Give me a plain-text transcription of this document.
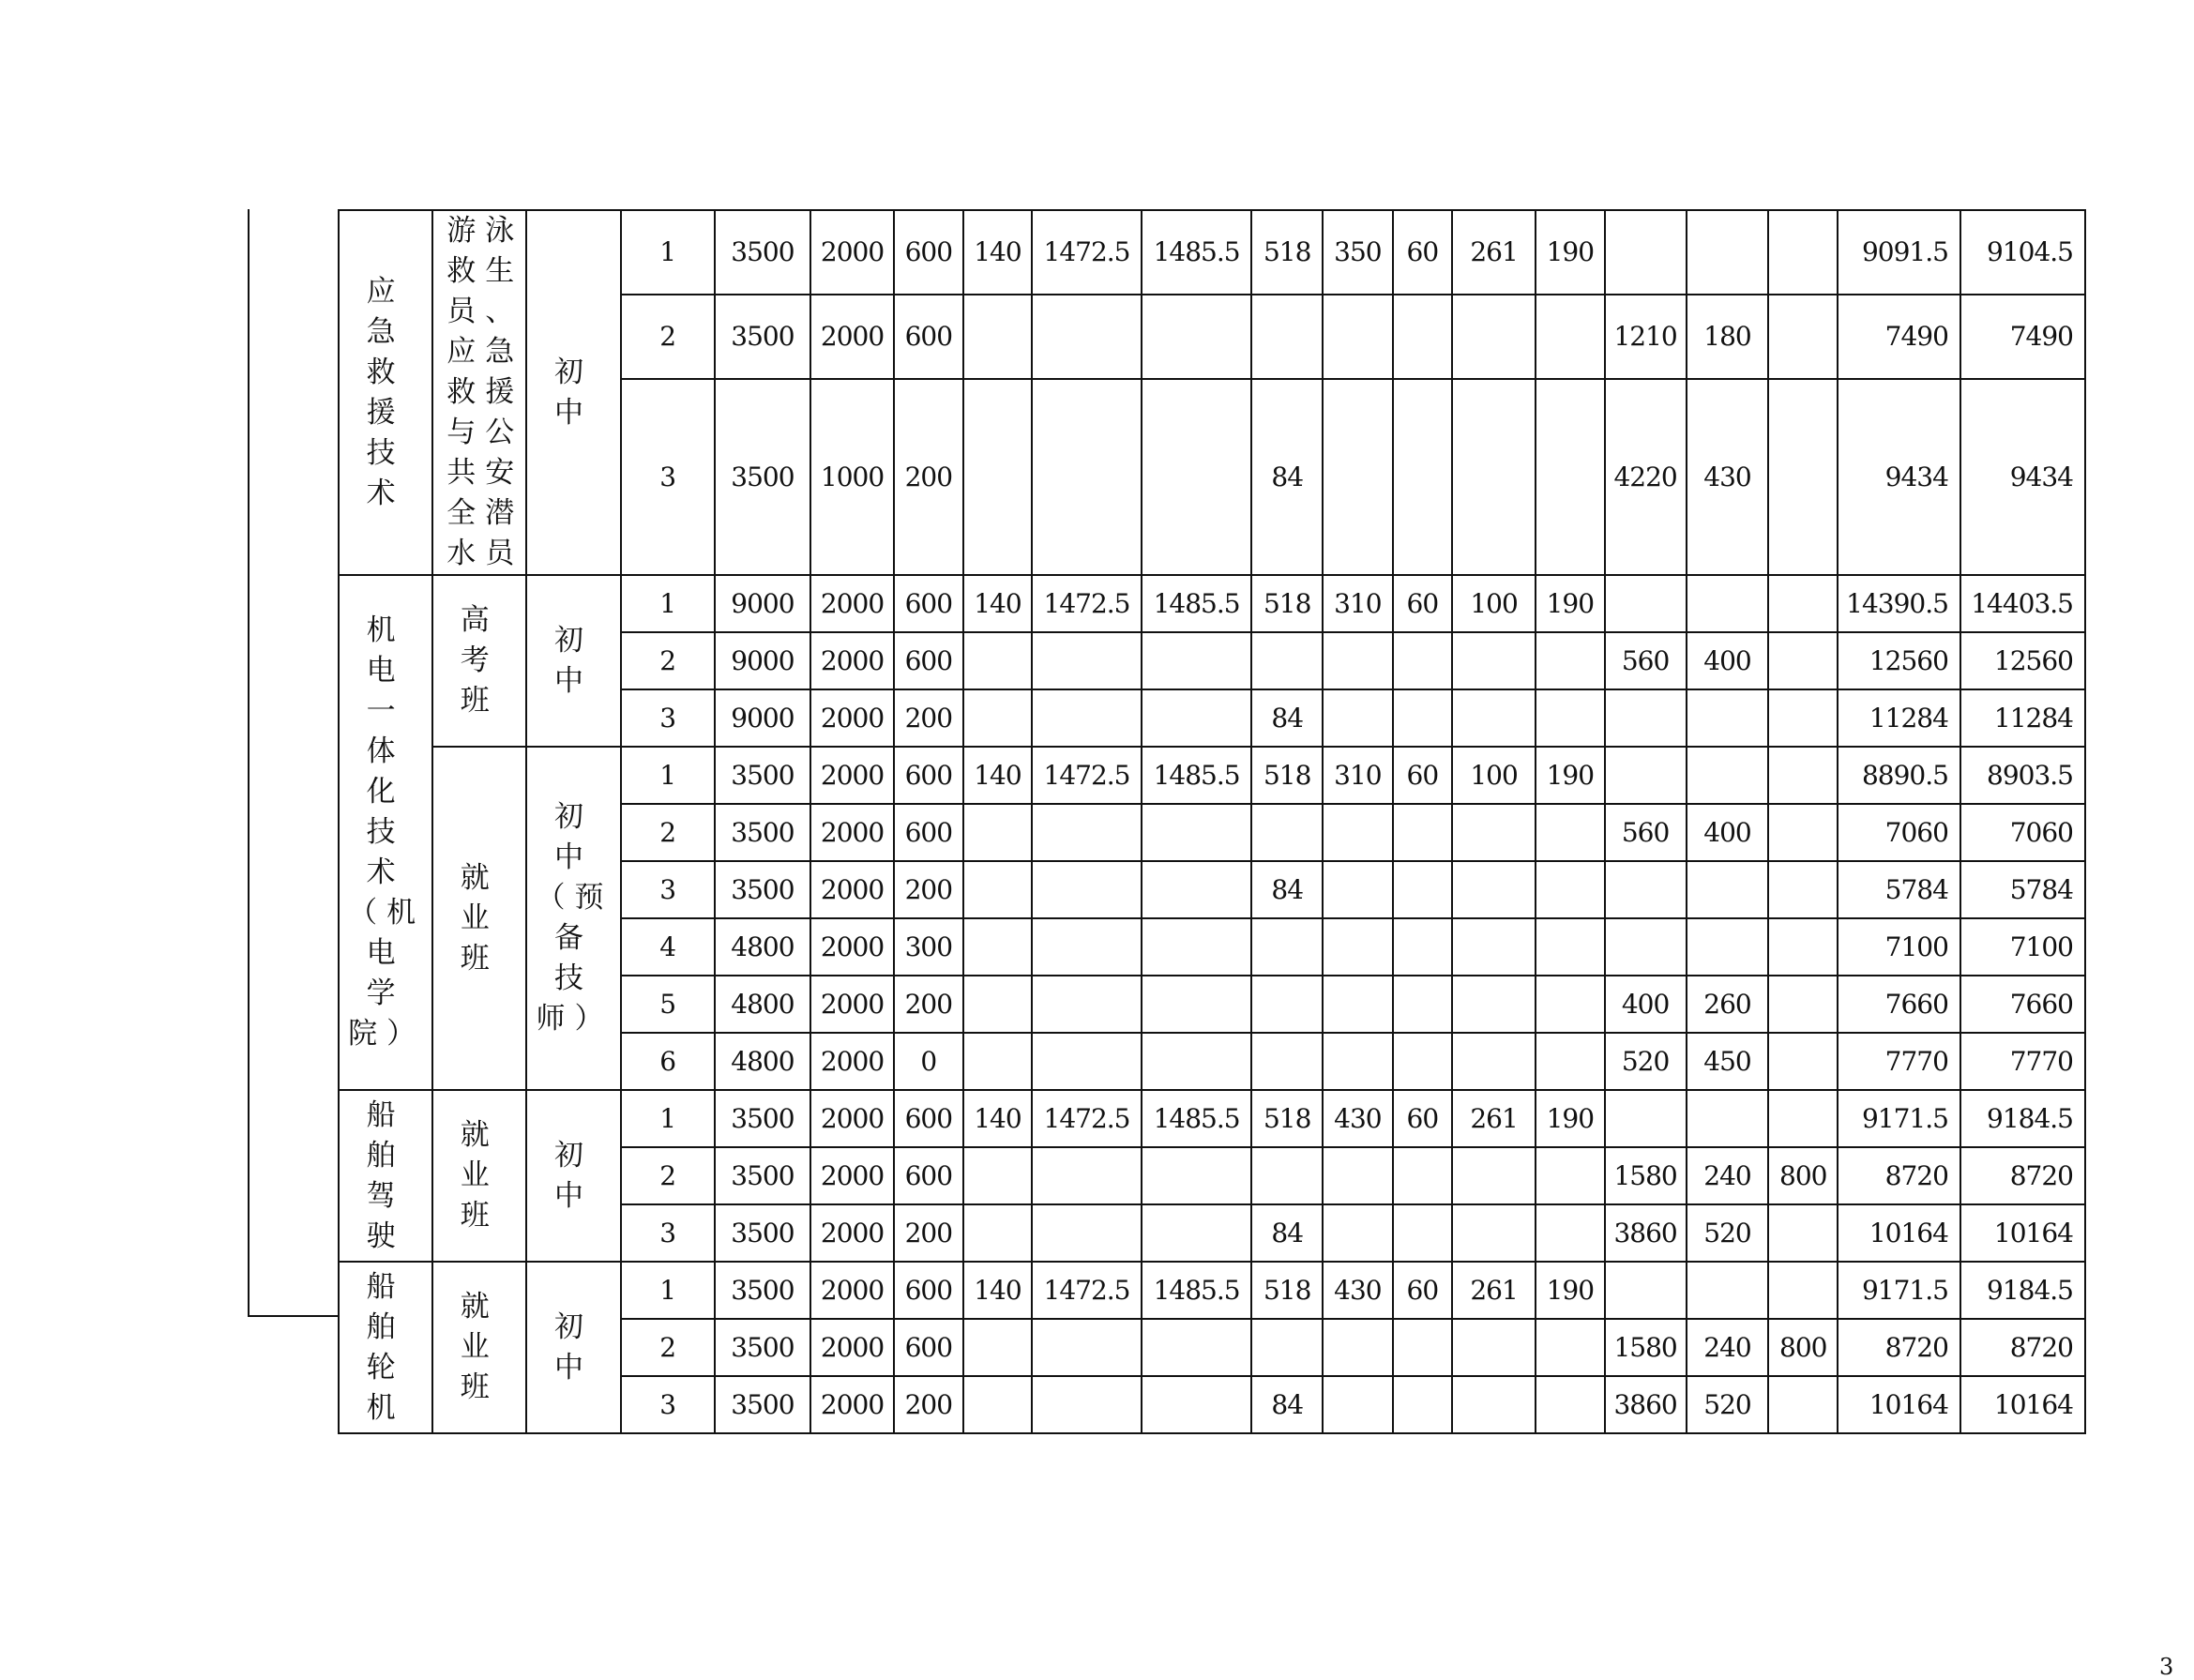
应急救援技术	游泳救生员、应急救援与公共安全潜水员	初中	1	3500	2000	600	140	1472.5	1485.5	518	350	60	261	190				9091.5	9104.5
			2	3500	2000	600									1210	180		7490	7490
			3	3500	1000	200				84					4220	430		9434	9434
机电一体化技术（机电学院）	高考班	初中	1	9000	2000	600	140	1472.5	1485.5	518	310	60	100	190				14390.5	14403.5
			2	9000	2000	600									560	400		12560	12560
			3	9000	2000	200				84								11284	11284
	就业班	初中（预备技师）	1	3500	2000	600	140	1472.5	1485.5	518	310	60	100	190				8890.5	8903.5
			2	3500	2000	600									560	400		7060	7060
			3	3500	2000	200				84								5784	5784
			4	4800	2000	300												7100	7100
			5	4800	2000	200									400	260		7660	7660
			6	4800	2000	0									520	450		7770	7770
船舶驾驶	就业班	初中	1	3500	2000	600	140	1472.5	1485.5	518	430	60	261	190				9171.5	9184.5
			2	3500	2000	600									1580	240	800	8720	8720
			3	3500	2000	200				84					3860	520		10164	10164
船舶轮机	就业班	初中	1	3500	2000	600	140	1472.5	1485.5	518	430	60	261	190				9171.5	9184.5
			2	3500	2000	600									1580	240	800	8720	8720
			3	3500	2000	200				84					3860	520		10164	10164
3
